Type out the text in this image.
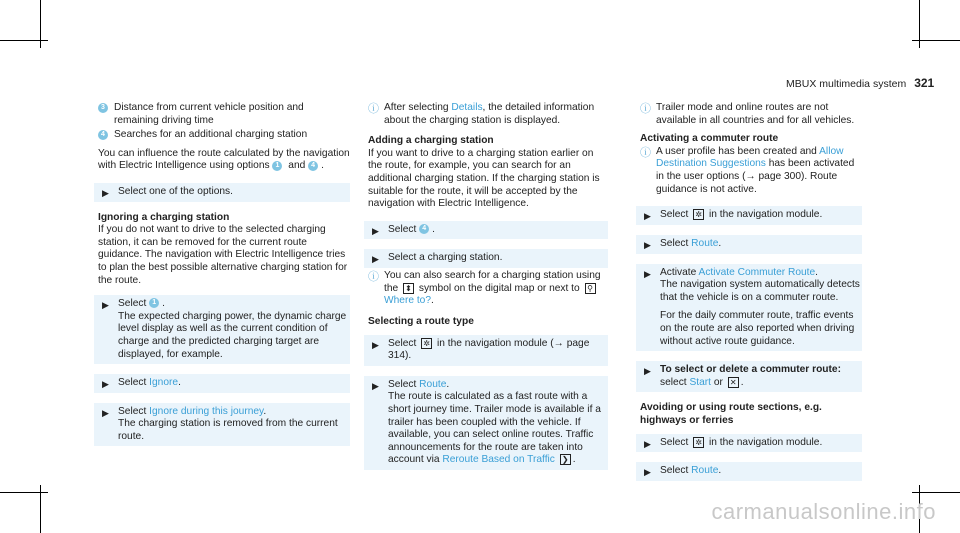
MBUX multimedia system 321
3 Distance from current vehicle position and remaining driving time
4 Searches for an additional charging station

You can influence the route calculated by the navigation with Electric Intelligence using options 1 and 4 .

▶ Select one of the options.
Ignoring a charging station

If you do not want to drive to the selected charging station, it can be removed for the current route guidance. The navigation with Electric Intelligence tries to plan the best possible alternative charging station for the route.

▶ Select 1 .
The expected charging power, the dynamic charge level display as well as the current condition of charge and the predicted charging target are displayed, for example.
▶ Select Ignore.
▶ Select Ignore during this journey.
The charging station is removed from the current route.
ⓘ After selecting Details, the detailed information about the charging station is displayed.
Adding a charging station

If you want to drive to a charging station earlier on the route, for example, you can search for an additional charging station. If the charging station is suitable for the route, it will be accepted by the navigation with Electric Intelligence.

▶ Select 4 .
▶ Select a charging station.
ⓘ You can also search for a charging station using the ⬍ symbol on the digital map or next to ⚲Where to?.
Selecting a route type
▶ Select ✲ in the navigation module (→ page 314).
▶ Select Route.
The route is calculated as a fast route with a short journey time. Trailer mode is available if a trailer has been coupled with the vehicle. If available, you can select online routes. Traffic announcements for the route are taken into account via Reroute Based on Traffic ❯ .
ⓘ Trailer mode and online routes are not available in all countries and for all vehicles.
Activating a commuter route
ⓘ A user profile has been created and Allow Destination Suggestions has been activated in the user options (→ page 300). Route guidance is not active.
▶ Select ✲ in the navigation module.
▶ Select Route.
▶ Activate Activate Commuter Route.
The navigation system automatically detects that the vehicle is on a commuter route.

For the daily commuter route, traffic events on the route are also reported when driving without active route guidance.
▶ To select or delete a commuter route:
select Start or ✕ .
Avoiding or using route sections, e.g. highways or ferries
▶ Select ✲ in the navigation module.
▶ Select Route.
carmanualsonline.info
